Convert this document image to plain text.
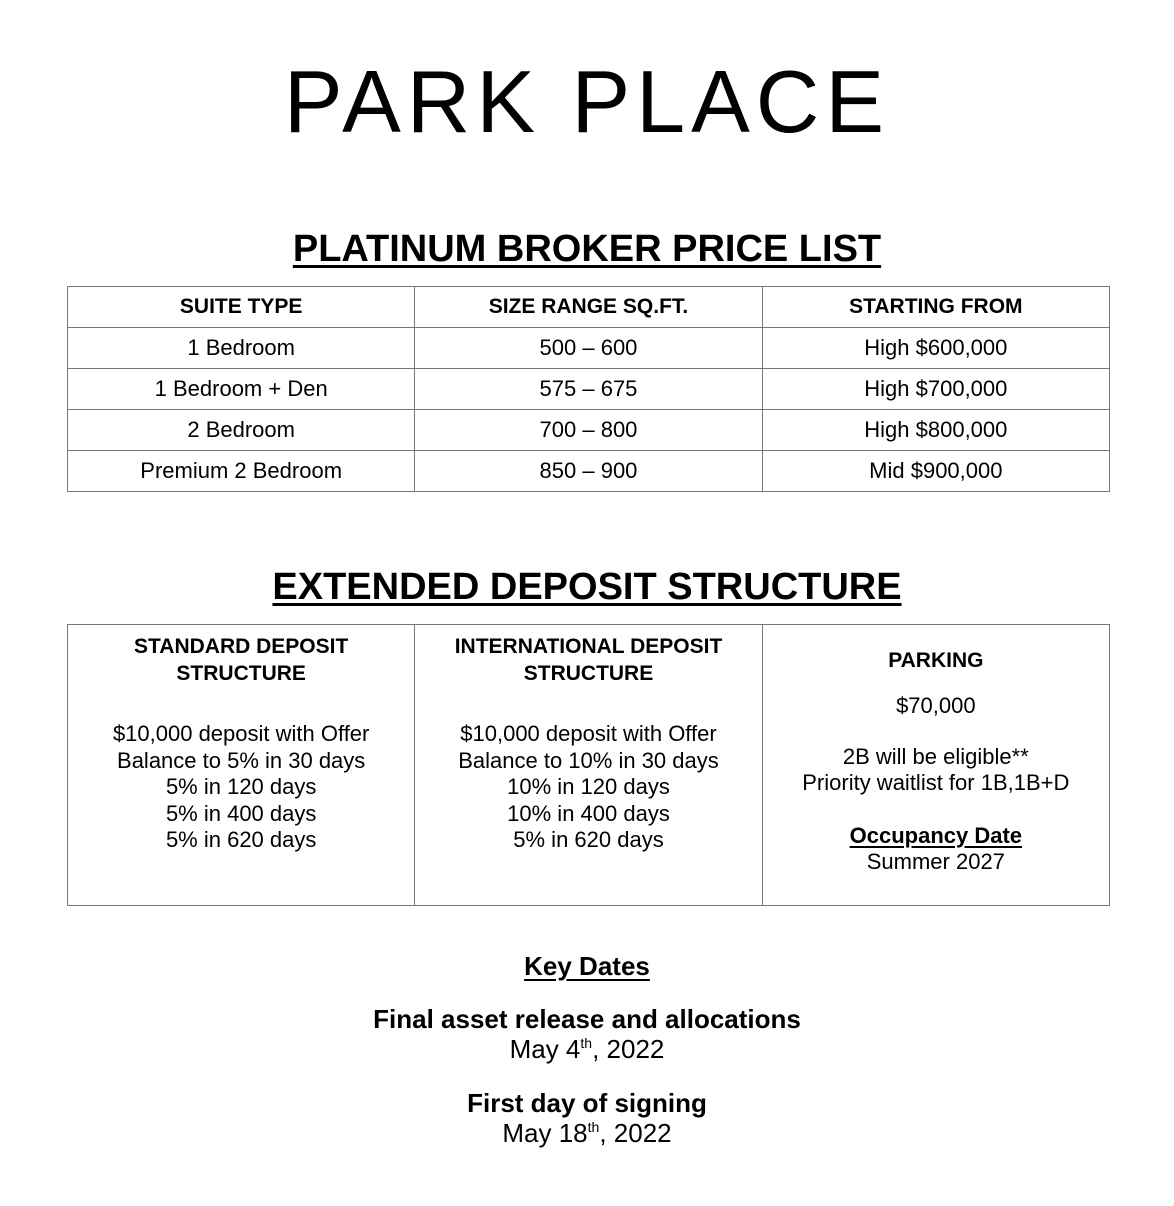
PARK PLACE
PLATINUM BROKER PRICE LIST
SUITE TYPE	SIZE RANGE SQ.FT.	STARTING FROM
1 Bedroom	500 – 600	High $600,000
1 Bedroom + Den	575 – 675	High $700,000
2 Bedroom	700 – 800	High $800,000
Premium 2 Bedroom	850 – 900	Mid $900,000
EXTENDED DEPOSIT STRUCTURE
STANDARD DEPOSIT
STRUCTURE
$10,000 deposit with Offer
Balance to 5% in 30 days
5% in 120 days
5% in 400 days
5% in 620 days

INTERNATIONAL DEPOSIT
STRUCTURE
$10,000 deposit with Offer
Balance to 10% in 30 days
10% in 120 days
10% in 400 days
5% in 620 days

PARKING
$70,000
2B will be eligible**
Priority waitlist for 1B,1B+D
Occupancy Date
Summer 2027
Key Dates
Final asset release and allocations
May 4th, 2022
First day of signing
May 18th, 2022
